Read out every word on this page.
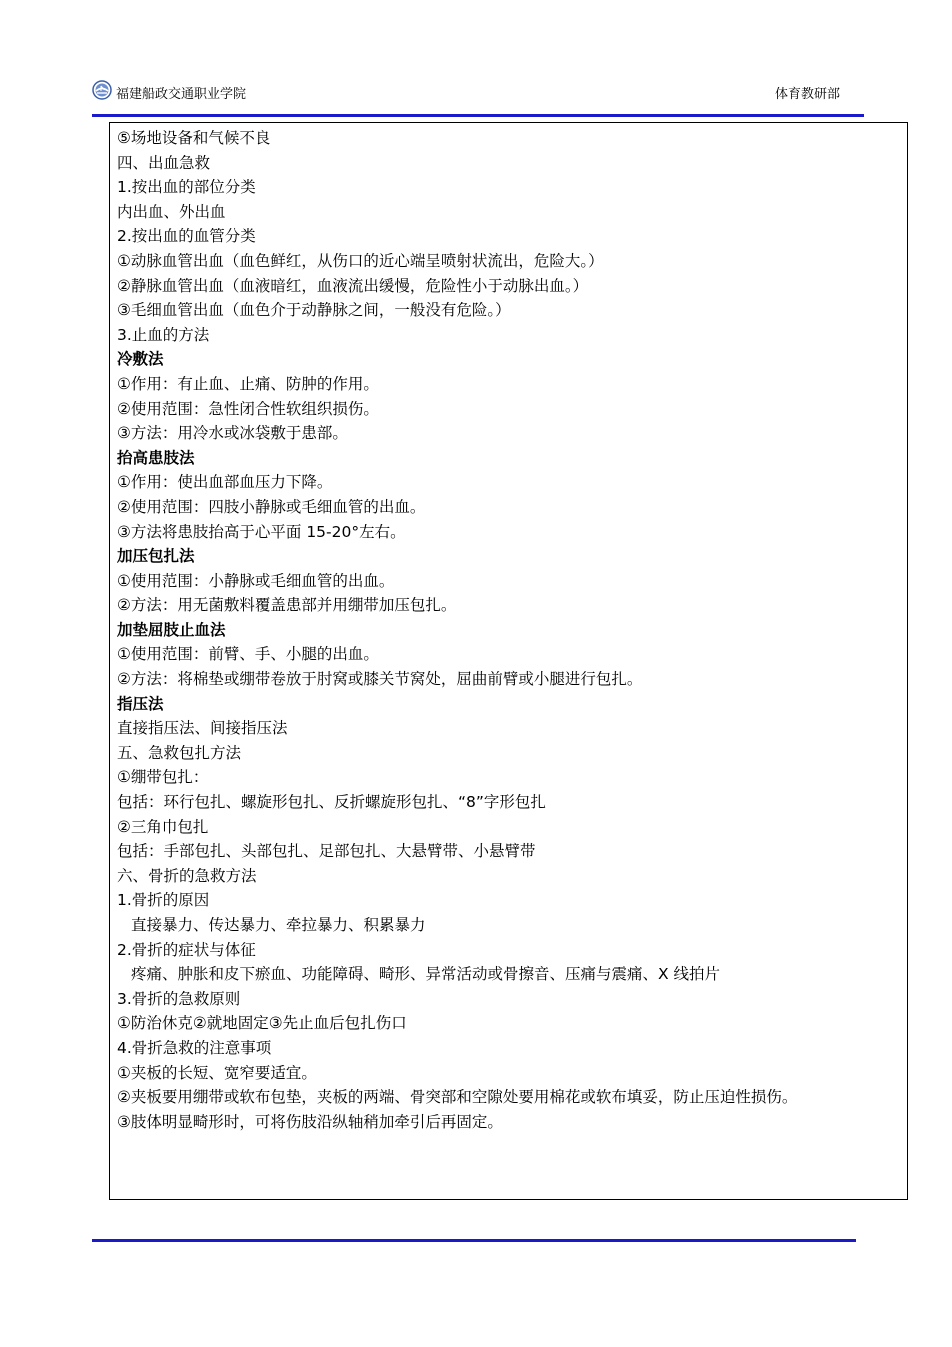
福建船政交通职业学院	体育教研部
⑤场地设备和气候不良
四、出血急救
1.按出血的部位分类
内出血、外出血
2.按出血的血管分类
①动脉血管出血（血色鲜红，从伤口的近心端呈喷射状流出，危险大。）
②静脉血管出血（血液暗红，血液流出缓慢，危险性小于动脉出血。）
③毛细血管出血（血色介于动静脉之间，一般没有危险。）
3.止血的方法
冷敷法
①作用：有止血、止痛、防肿的作用。
②使用范围：急性闭合性软组织损伤。
③方法：用冷水或冰袋敷于患部。
抬高患肢法
①作用：使出血部血压力下降。
②使用范围：四肢小静脉或毛细血管的出血。
③方法将患肢抬高于心平面 15-20°左右。
加压包扎法
①使用范围：小静脉或毛细血管的出血。
②方法：用无菌敷料覆盖患部并用绷带加压包扎。
加垫屈肢止血法
①使用范围：前臂、手、小腿的出血。
②方法：将棉垫或绷带卷放于肘窝或膝关节窝处，屈曲前臂或小腿进行包扎。
指压法
直接指压法、间接指压法
五、急救包扎方法
①绷带包扎：
包括：环行包扎、螺旋形包扎、反折螺旋形包扎、“8”字形包扎
②三角巾包扎
包括：手部包扎、头部包扎、足部包扎、大悬臂带、小悬臂带
六、骨折的急救方法
1.骨折的原因
直接暴力、传达暴力、牵拉暴力、积累暴力
2.骨折的症状与体征
疼痛、肿胀和皮下瘀血、功能障碍、畸形、异常活动或骨擦音、压痛与震痛、X 线拍片
3.骨折的急救原则
①防治休克②就地固定③先止血后包扎伤口
4.骨折急救的注意事项
①夹板的长短、宽窄要适宜。
②夹板要用绷带或软布包垫，夹板的两端、骨突部和空隙处要用棉花或软布填妥，防止压迫性损伤。
③肢体明显畸形时，可将伤肢沿纵轴稍加牵引后再固定。
